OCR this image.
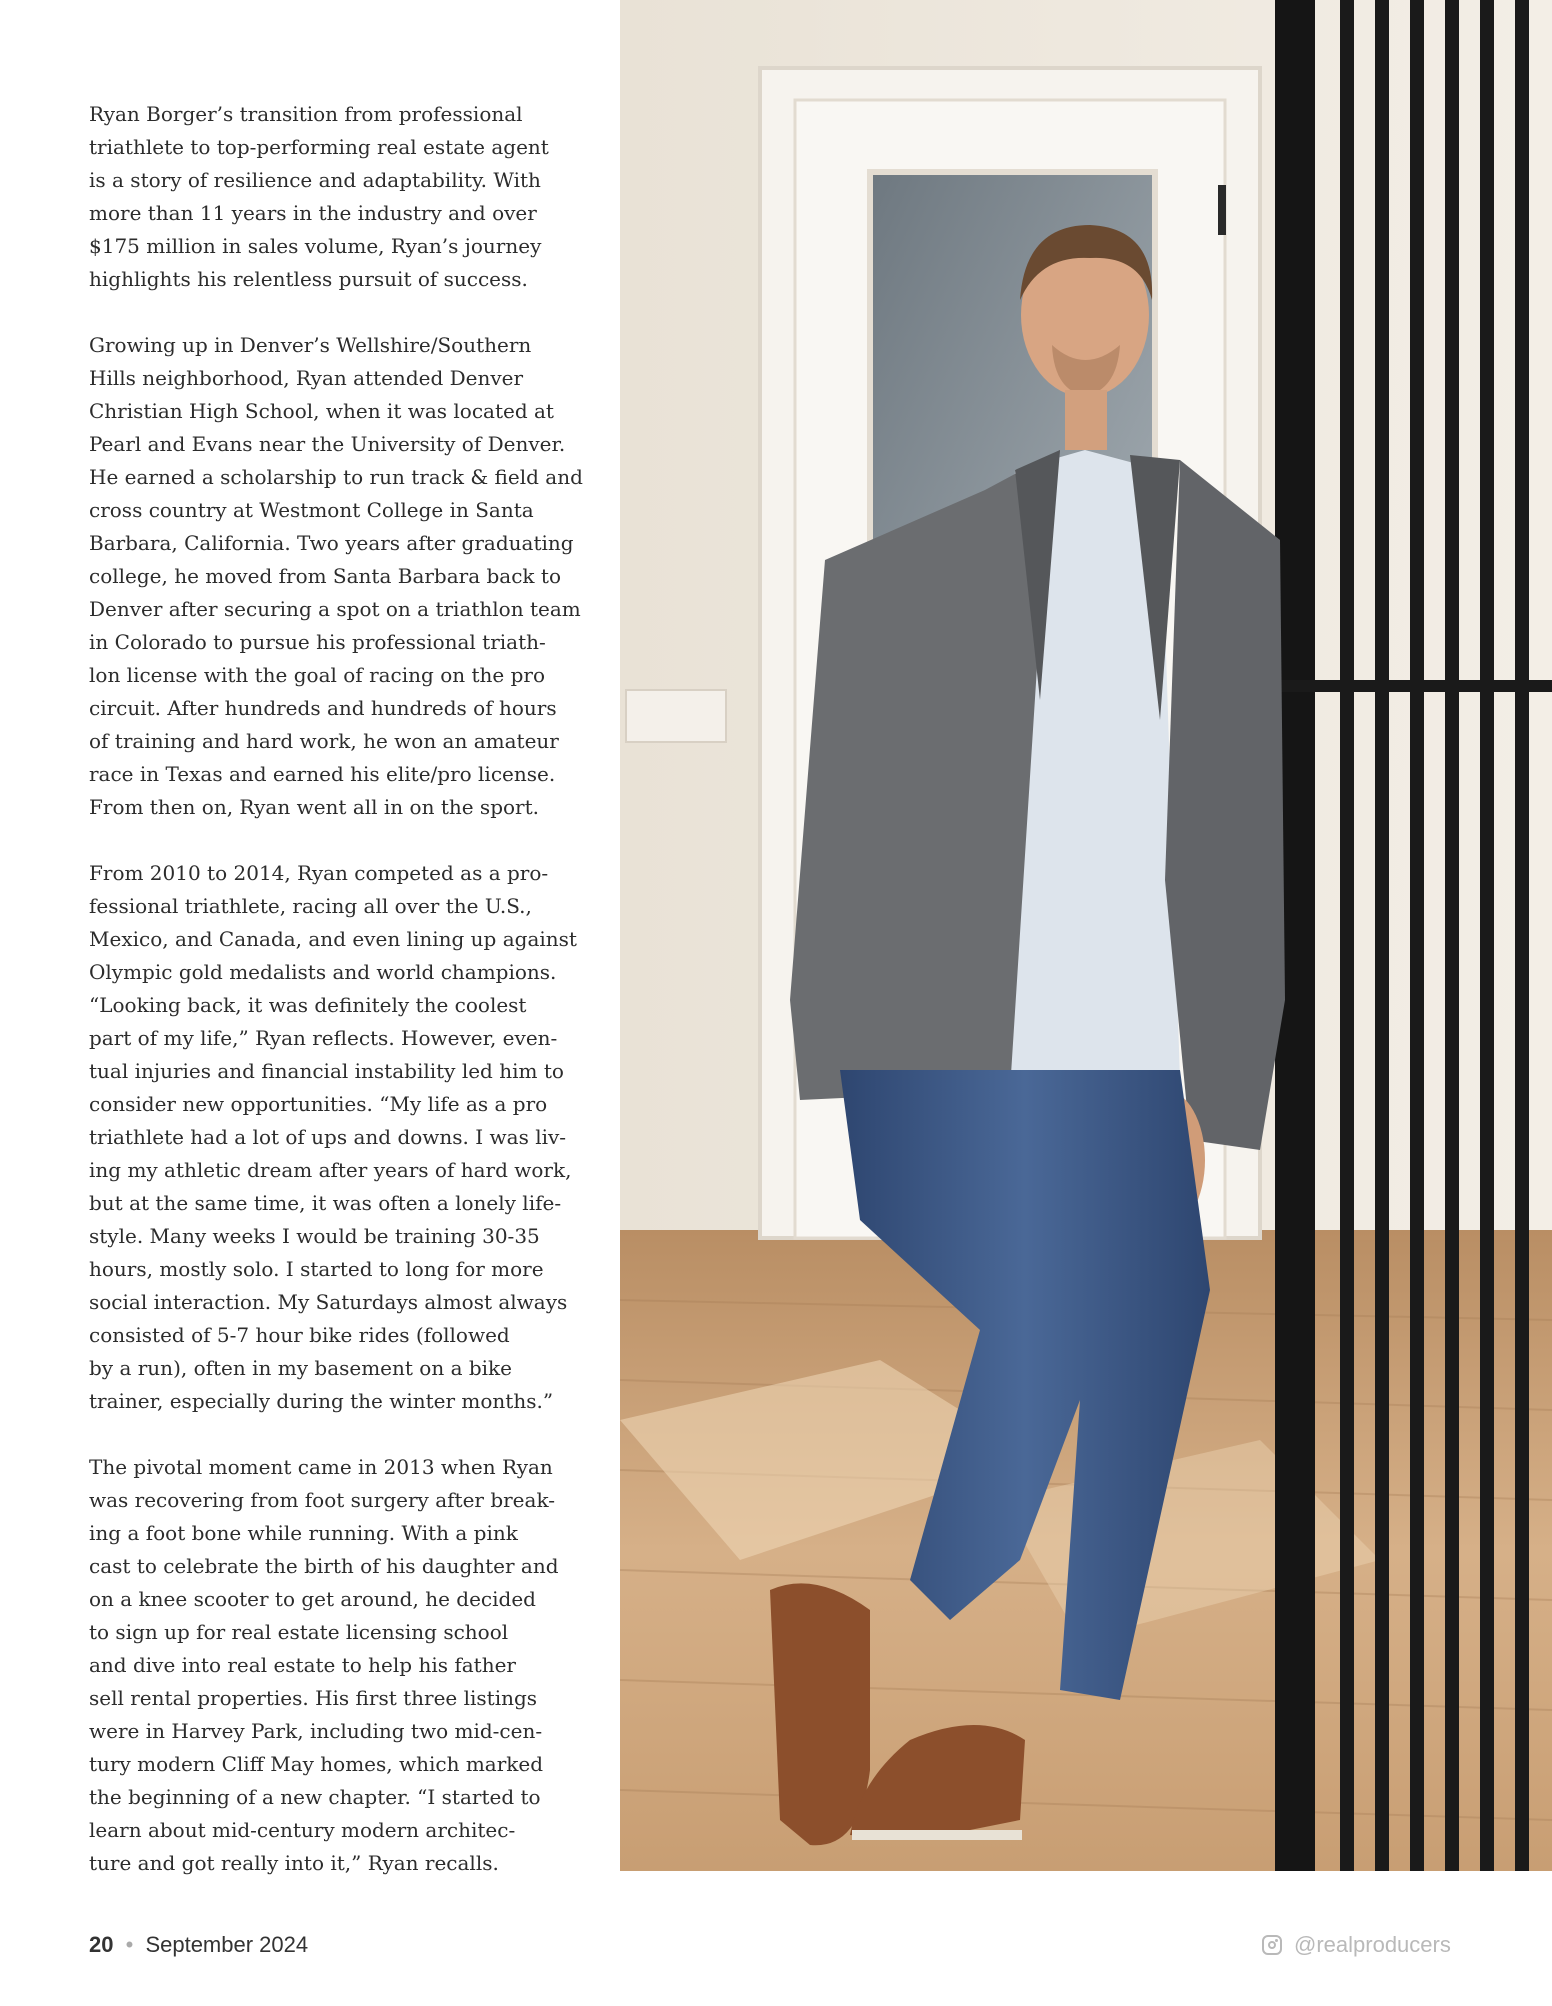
Ryan Borger’s transition from professional
triathlete to top-performing real estate agent
is a story of resilience and adaptability. With
more than 11 years in the industry and over
$175 million in sales volume, Ryan’s journey
highlights his relentless pursuit of success.

Growing up in Denver’s Wellshire/Southern
Hills neighborhood, Ryan attended Denver
Christian High School, when it was located at
Pearl and Evans near the University of Denver.
He earned a scholarship to run track & field and
cross country at Westmont College in Santa
Barbara, California. Two years after graduating
college, he moved from Santa Barbara back to
Denver after securing a spot on a triathlon team
in Colorado to pursue his professional triath-
lon license with the goal of racing on the pro
circuit. After hundreds and hundreds of hours
of training and hard work, he won an amateur
race in Texas and earned his elite/pro license.
From then on, Ryan went all in on the sport.

From 2010 to 2014, Ryan competed as a pro-
fessional triathlete, racing all over the U.S.,
Mexico, and Canada, and even lining up against
Olympic gold medalists and world champions.
“Looking back, it was definitely the coolest
part of my life,” Ryan reflects. However, even-
tual injuries and financial instability led him to
consider new opportunities. “My life as a pro
triathlete had a lot of ups and downs. I was liv-
ing my athletic dream after years of hard work,
but at the same time, it was often a lonely life-
style. Many weeks I would be training 30-35
hours, mostly solo. I started to long for more
social interaction. My Saturdays almost always
consisted of 5-7 hour bike rides (followed
by a run), often in my basement on a bike
trainer, especially during the winter months.”

The pivotal moment came in 2013 when Ryan
was recovering from foot surgery after break-
ing a foot bone while running. With a pink
cast to celebrate the birth of his daughter and
on a knee scooter to get around, he decided
to sign up for real estate licensing school
and dive into real estate to help his father
sell rental properties. His first three listings
were in Harvey Park, including two mid-cen-
tury modern Cliff May homes, which marked
the beginning of a new chapter. “I started to
learn about mid-century modern architec-
ture and got really into it,” Ryan recalls.

20 • September 2024	@realproducers
